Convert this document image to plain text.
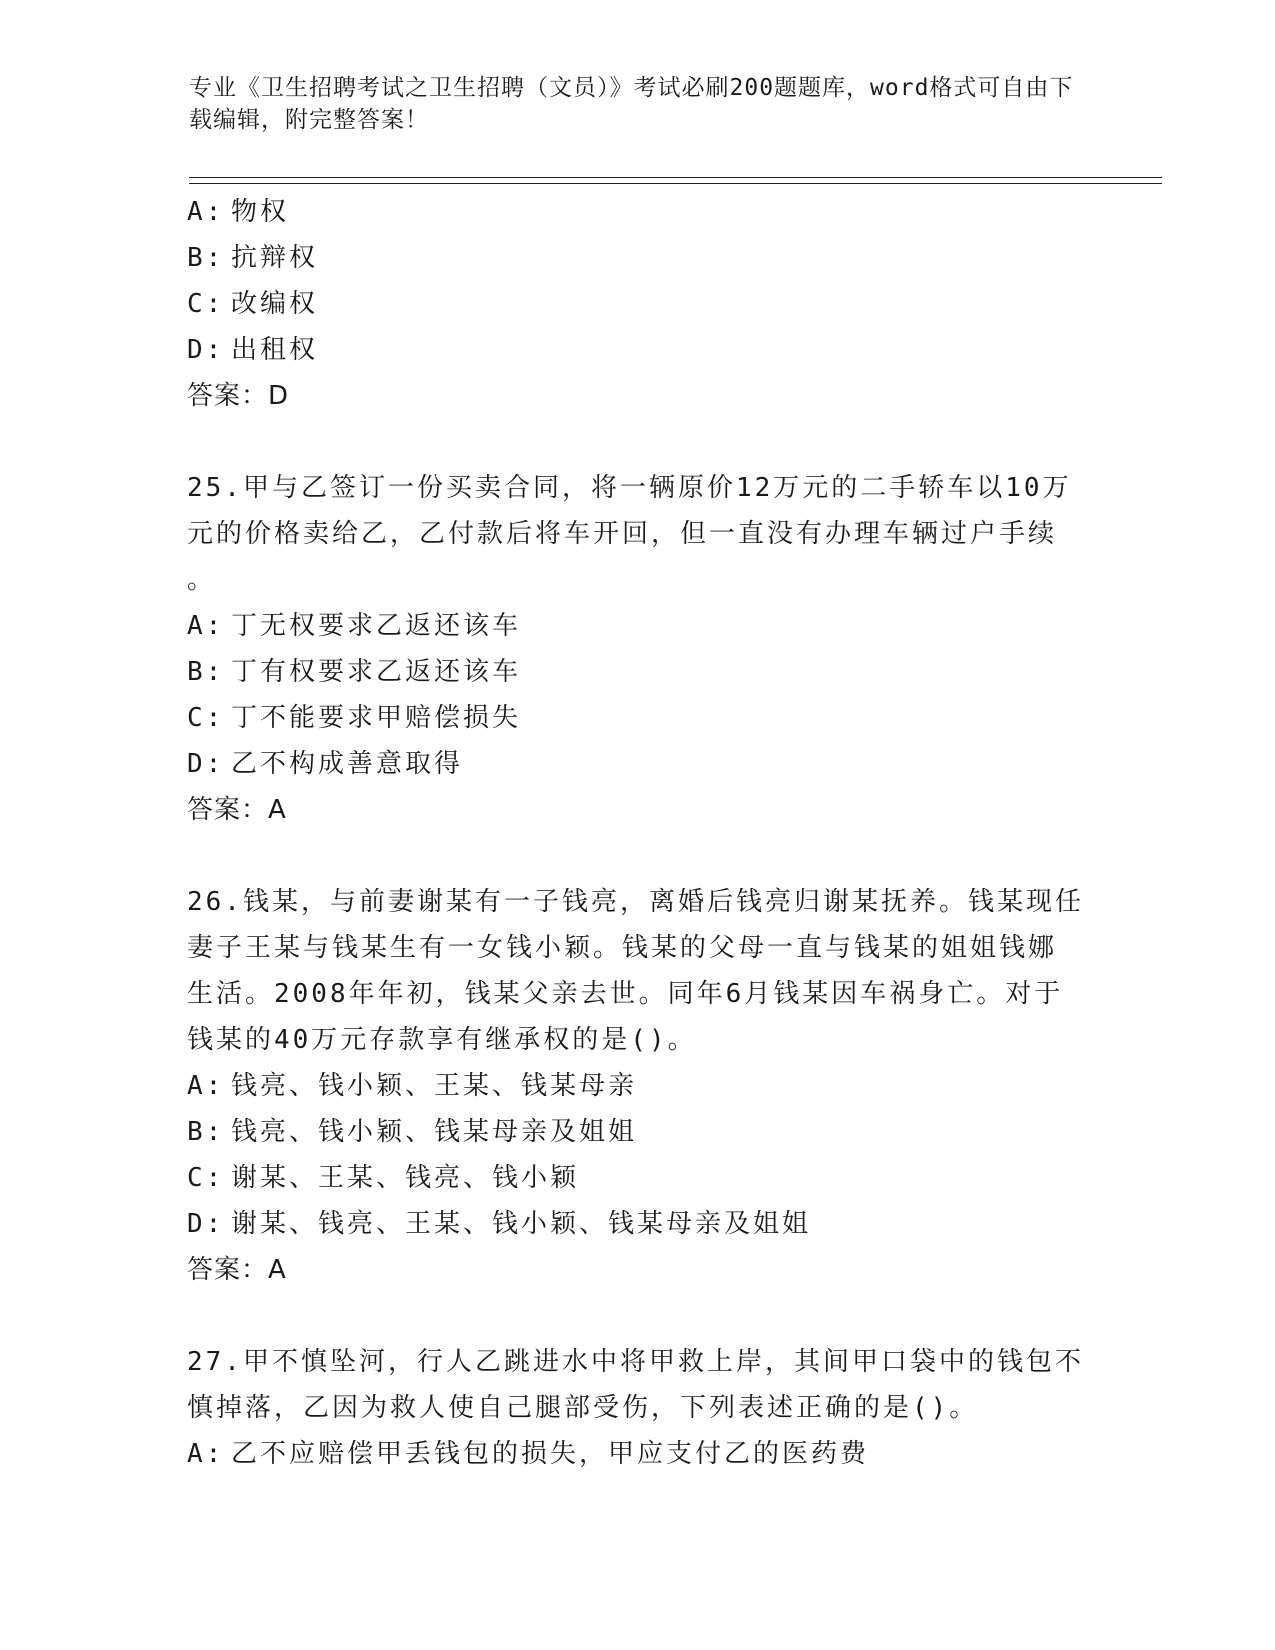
专业《卫生招聘考试之卫生招聘（文员）》考试必刷200题题库，word格式可自由下载编辑，附完整答案！
A: 物权
B: 抗辩权
C: 改编权
D: 出租权
答案：D
25.甲与乙签订一份买卖合同，将一辆原价12万元的二手轿车以10万
元的价格卖给乙，乙付款后将车开回，但一直没有办理车辆过户手续
。
A: 丁无权要求乙返还该车
B: 丁有权要求乙返还该车
C: 丁不能要求甲赔偿损失
D: 乙不构成善意取得
答案：A
26.钱某，与前妻谢某有一子钱亮，离婚后钱亮归谢某抚养。钱某现任
妻子王某与钱某生有一女钱小颖。钱某的父母一直与钱某的姐姐钱娜
生活。2008年年初，钱某父亲去世。同年6月钱某因车祸身亡。对于
钱某的40万元存款享有继承权的是()。
A: 钱亮、钱小颖、王某、钱某母亲
B: 钱亮、钱小颖、钱某母亲及姐姐
C: 谢某、王某、钱亮、钱小颖
D: 谢某、钱亮、王某、钱小颖、钱某母亲及姐姐
答案：A
27.甲不慎坠河，行人乙跳进水中将甲救上岸，其间甲口袋中的钱包不
慎掉落，乙因为救人使自己腿部受伤，下列表述正确的是()。
A: 乙不应赔偿甲丢钱包的损失，甲应支付乙的医药费
